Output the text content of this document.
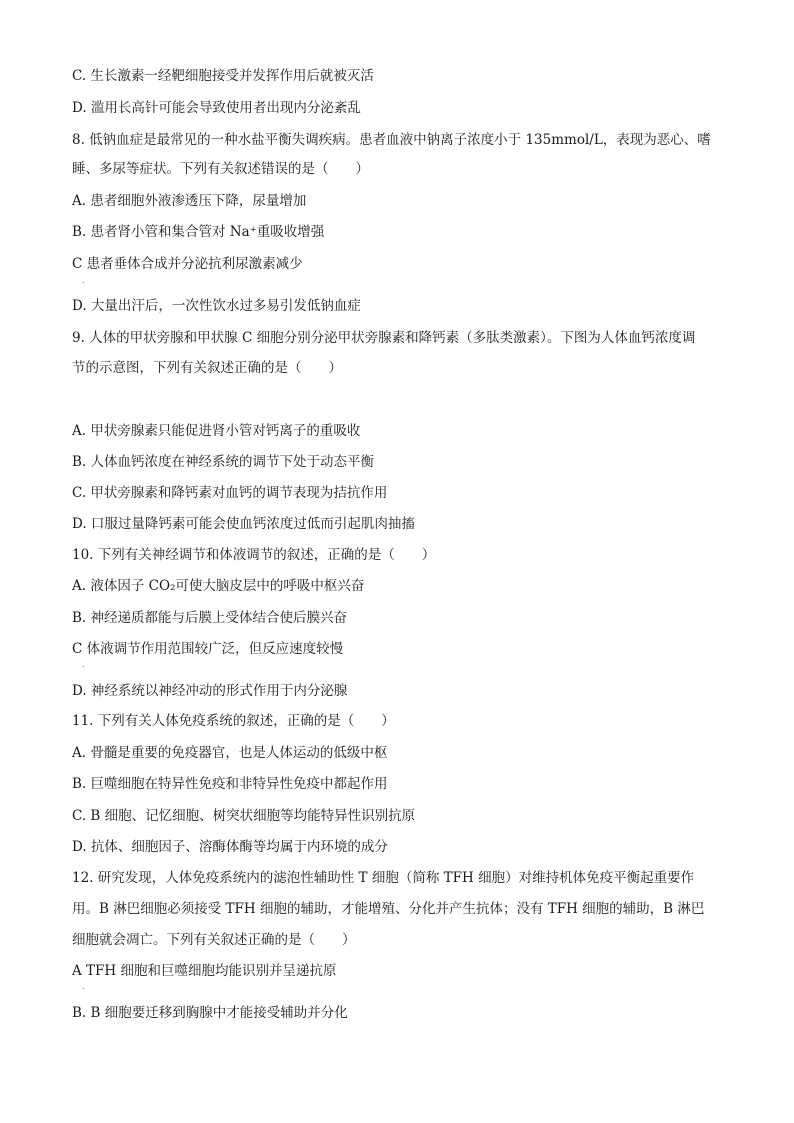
C. 生长激素一经靶细胞接受并发挥作用后就被灭活
D. 滥用长高针可能会导致使用者出现内分泌紊乱
8. 低钠血症是最常见的一种水盐平衡失调疾病。患者血液中钠离子浓度小于 135mmol/L，表现为恶心、嗜
睡、多尿等症状。下列有关叙述错误的是（　　）
A. 患者细胞外液渗透压下降，尿量增加
B. 患者肾小管和集合管对 Na⁺重吸收增强
C 患者垂体合成并分泌抗利尿激素减少
.
D. 大量出汗后，一次性饮水过多易引发低钠血症
9. 人体的甲状旁腺和甲状腺 C 细胞分别分泌甲状旁腺素和降钙素（多肽类激素）。下图为人体血钙浓度调
节的示意图，下列有关叙述正确的是（　　）
A. 甲状旁腺素只能促进肾小管对钙离子的重吸收
B. 人体血钙浓度在神经系统的调节下处于动态平衡
C. 甲状旁腺素和降钙素对血钙的调节表现为拮抗作用
D. 口服过量降钙素可能会使血钙浓度过低而引起肌肉抽搐
10. 下列有关神经调节和体液调节的叙述，正确的是（　　）
A. 液体因子 CO₂可使大脑皮层中的呼吸中枢兴奋
B. 神经递质都能与后膜上受体结合使后膜兴奋
C 体液调节作用范围较广泛，但反应速度较慢
.
D. 神经系统以神经冲动的形式作用于内分泌腺
11. 下列有关人体免疫系统的叙述，正确的是（　　）
A. 骨髓是重要的免疫器官，也是人体运动的低级中枢
B. 巨噬细胞在特异性免疫和非特异性免疫中都起作用
C. B 细胞、记忆细胞、树突状细胞等均能特异性识别抗原
D. 抗体、细胞因子、溶酶体酶等均属于内环境的成分
12. 研究发现，人体免疫系统内的滤泡性辅助性 T 细胞（简称 TFH 细胞）对维持机体免疫平衡起重要作
用。B 淋巴细胞必须接受 TFH 细胞的辅助，才能增殖、分化并产生抗体；没有 TFH 细胞的辅助，B 淋巴
细胞就会凋亡。下列有关叙述正确的是（　　）
A TFH 细胞和巨噬细胞均能识别并呈递抗原
.
B. B 细胞要迁移到胸腺中才能接受辅助并分化
